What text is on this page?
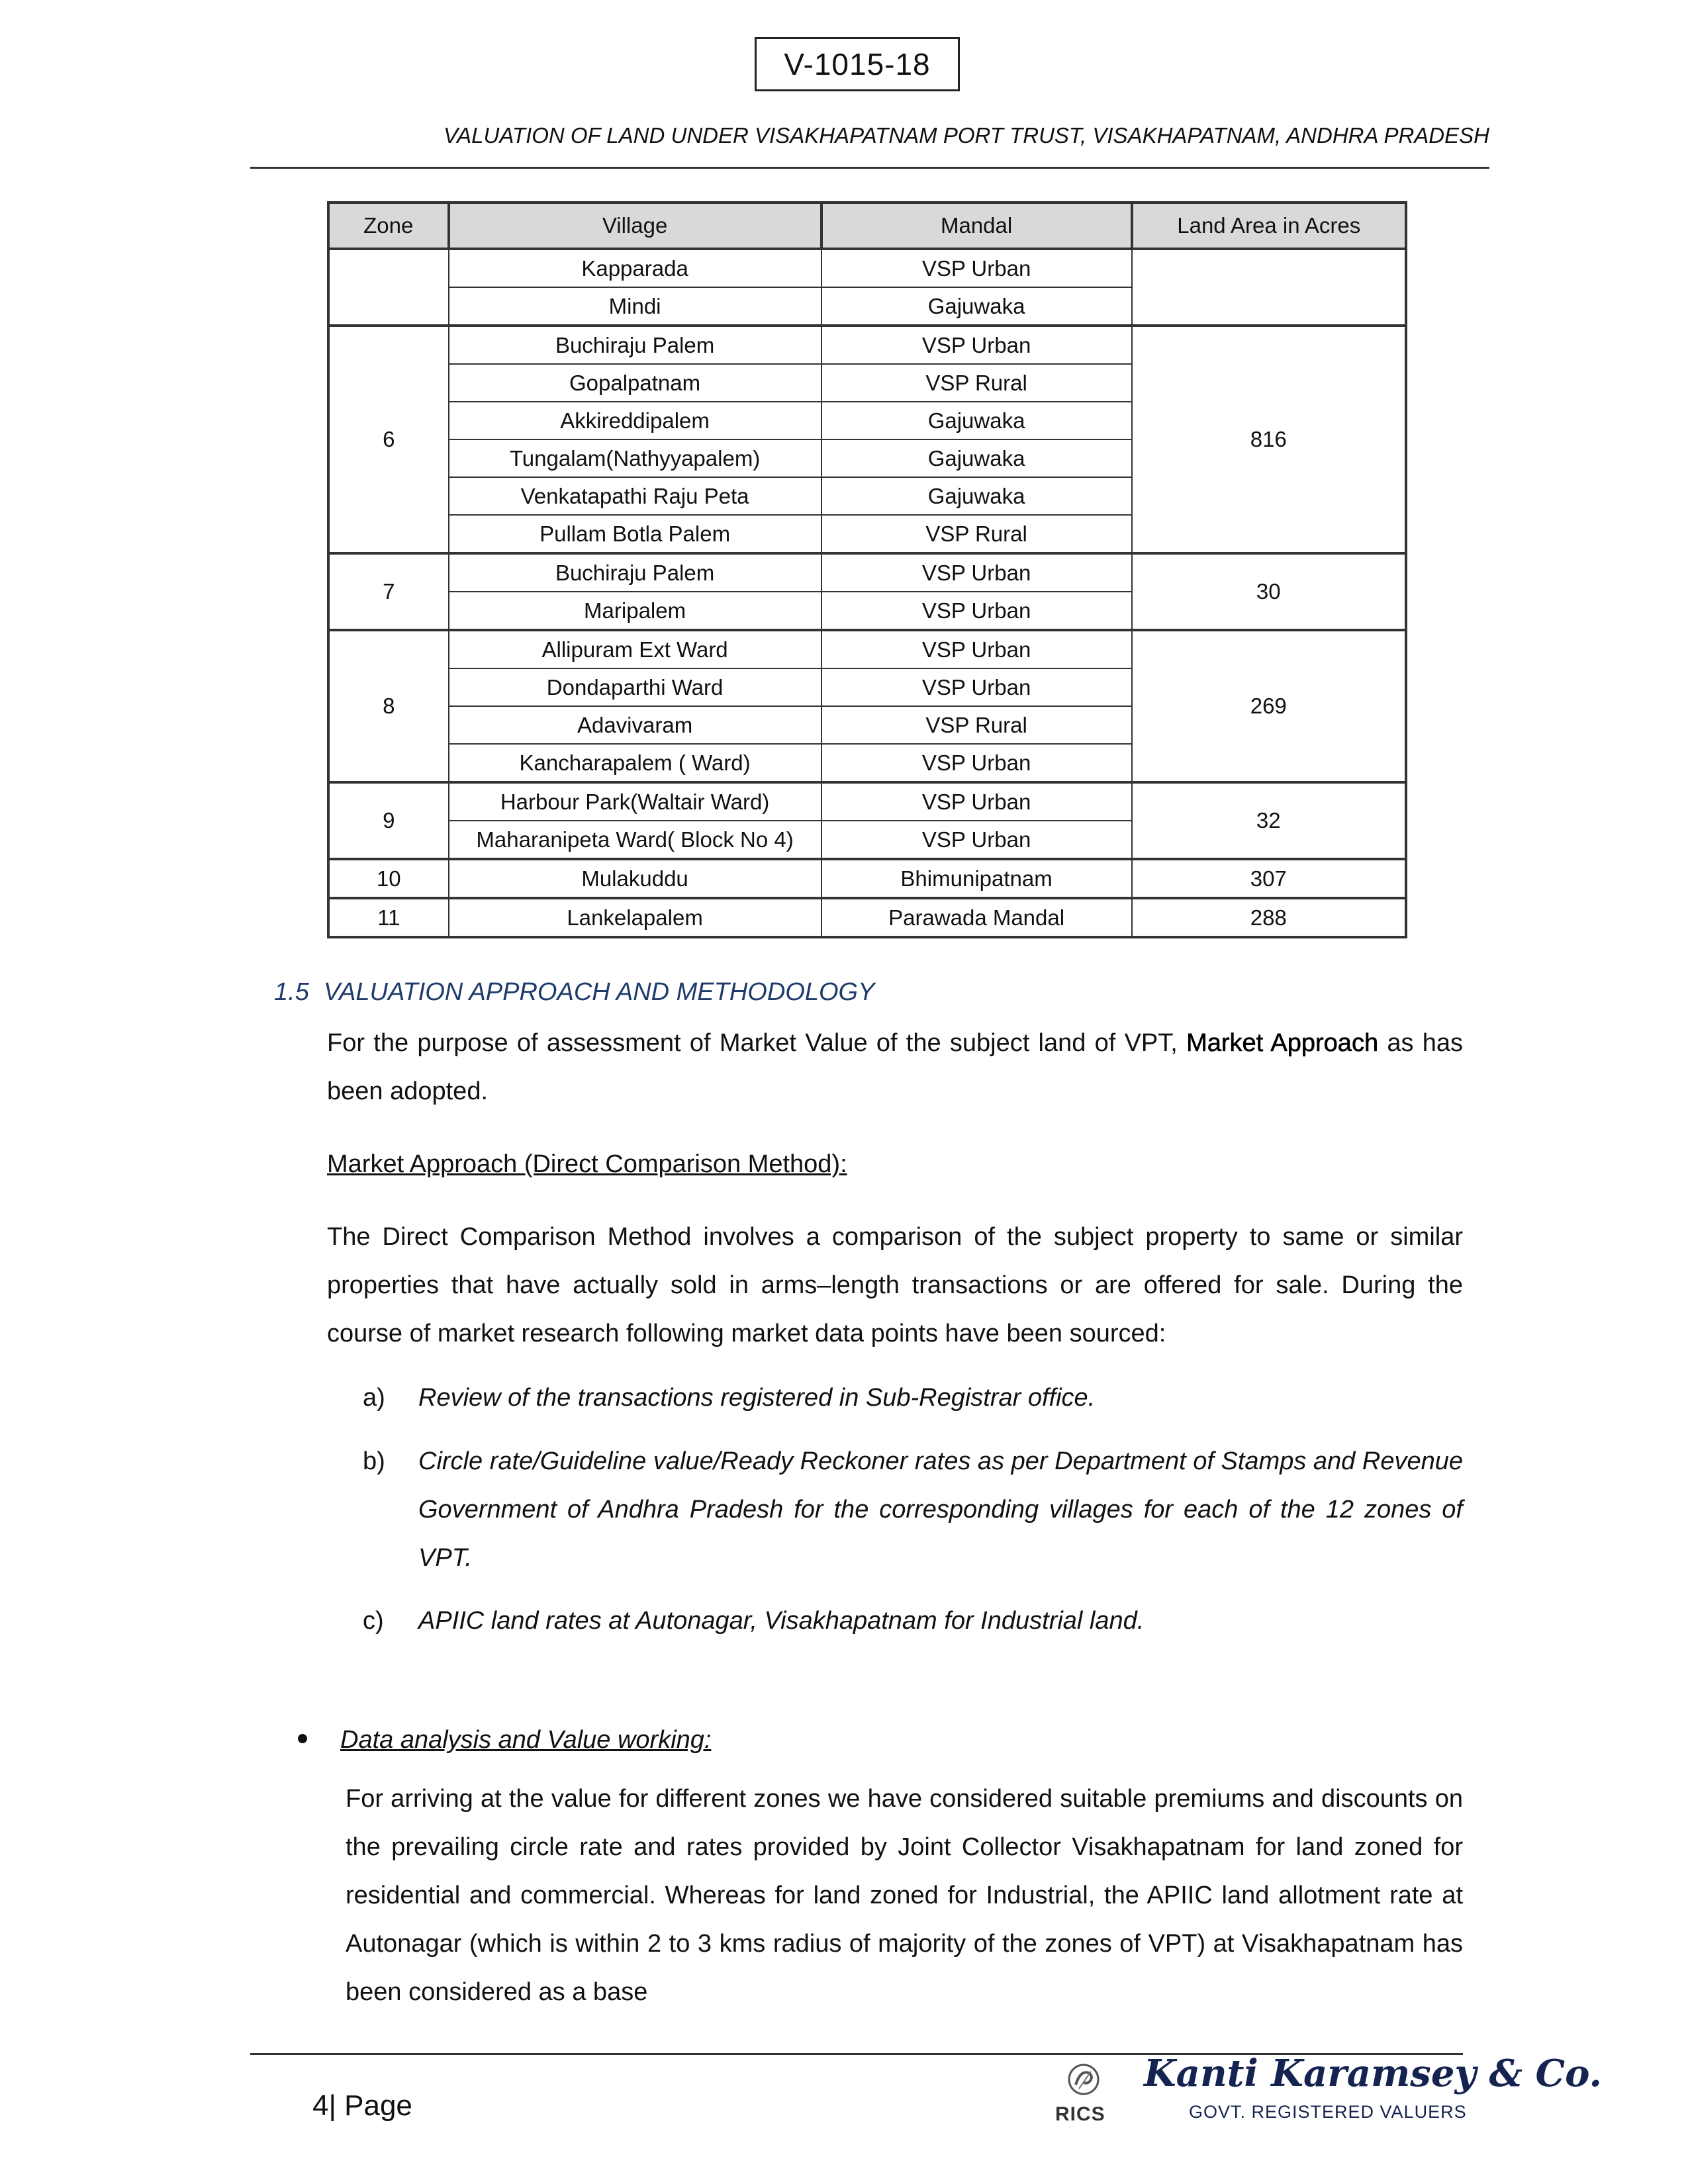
V-1015-18
VALUATION OF LAND UNDER VISAKHAPATNAM PORT TRUST, VISAKHAPATNAM, ANDHRA PRADESH
Zone	Village	Mandal	Land Area in Acres
	Kapparada	VSP Urban	
	Mindi	Gajuwaka	
6	Buchiraju Palem	VSP Urban	816
	Gopalpatnam	VSP Rural	
	Akkireddipalem	Gajuwaka	
	Tungalam(Nathyyapalem)	Gajuwaka	
	Venkatapathi Raju Peta	Gajuwaka	
	Pullam Botla Palem	VSP Rural	
7	Buchiraju Palem	VSP Urban	30
	Maripalem	VSP Urban	
8	Allipuram Ext Ward	VSP Urban	269
	Dondaparthi Ward	VSP Urban	
	Adavivaram	VSP Rural	
	Kancharapalem ( Ward)	VSP Urban	
9	Harbour Park(Waltair Ward)	VSP Urban	32
	Maharanipeta Ward( Block No 4)	VSP Urban	
10	Mulakuddu	Bhimunipatnam	307
11	Lankelapalem	Parawada Mandal	288
1.5 VALUATION APPROACH AND METHODOLOGY
For the purpose of assessment of Market Value of the subject land of VPT, Market Approach as has been adopted.
Market Approach (Direct Comparison Method):
The Direct Comparison Method involves a comparison of the subject property to same or similar properties that have actually sold in arms–length transactions or are offered for sale. During the course of market research following market data points have been sourced:
a) Review of the transactions registered in Sub-Registrar office.
b) Circle rate/Guideline value/Ready Reckoner rates as per Department of Stamps and Revenue Government of Andhra Pradesh for the corresponding villages for each of the 12 zones of VPT.
c) APIIC land rates at Autonagar, Visakhapatnam for Industrial land.
Data analysis and Value working:
For arriving at the value for different zones we have considered suitable premiums and discounts on the prevailing circle rate and rates provided by Joint Collector Visakhapatnam for land zoned for residential and commercial. Whereas for land zoned for Industrial, the APIIC land allotment rate at Autonagar (which is within 2 to 3 kms radius of majority of the zones of VPT) at Visakhapatnam has been considered as a base
4| Page	RICS
Kanti Karamsey & Co.
GOVT. REGISTERED VALUERS
